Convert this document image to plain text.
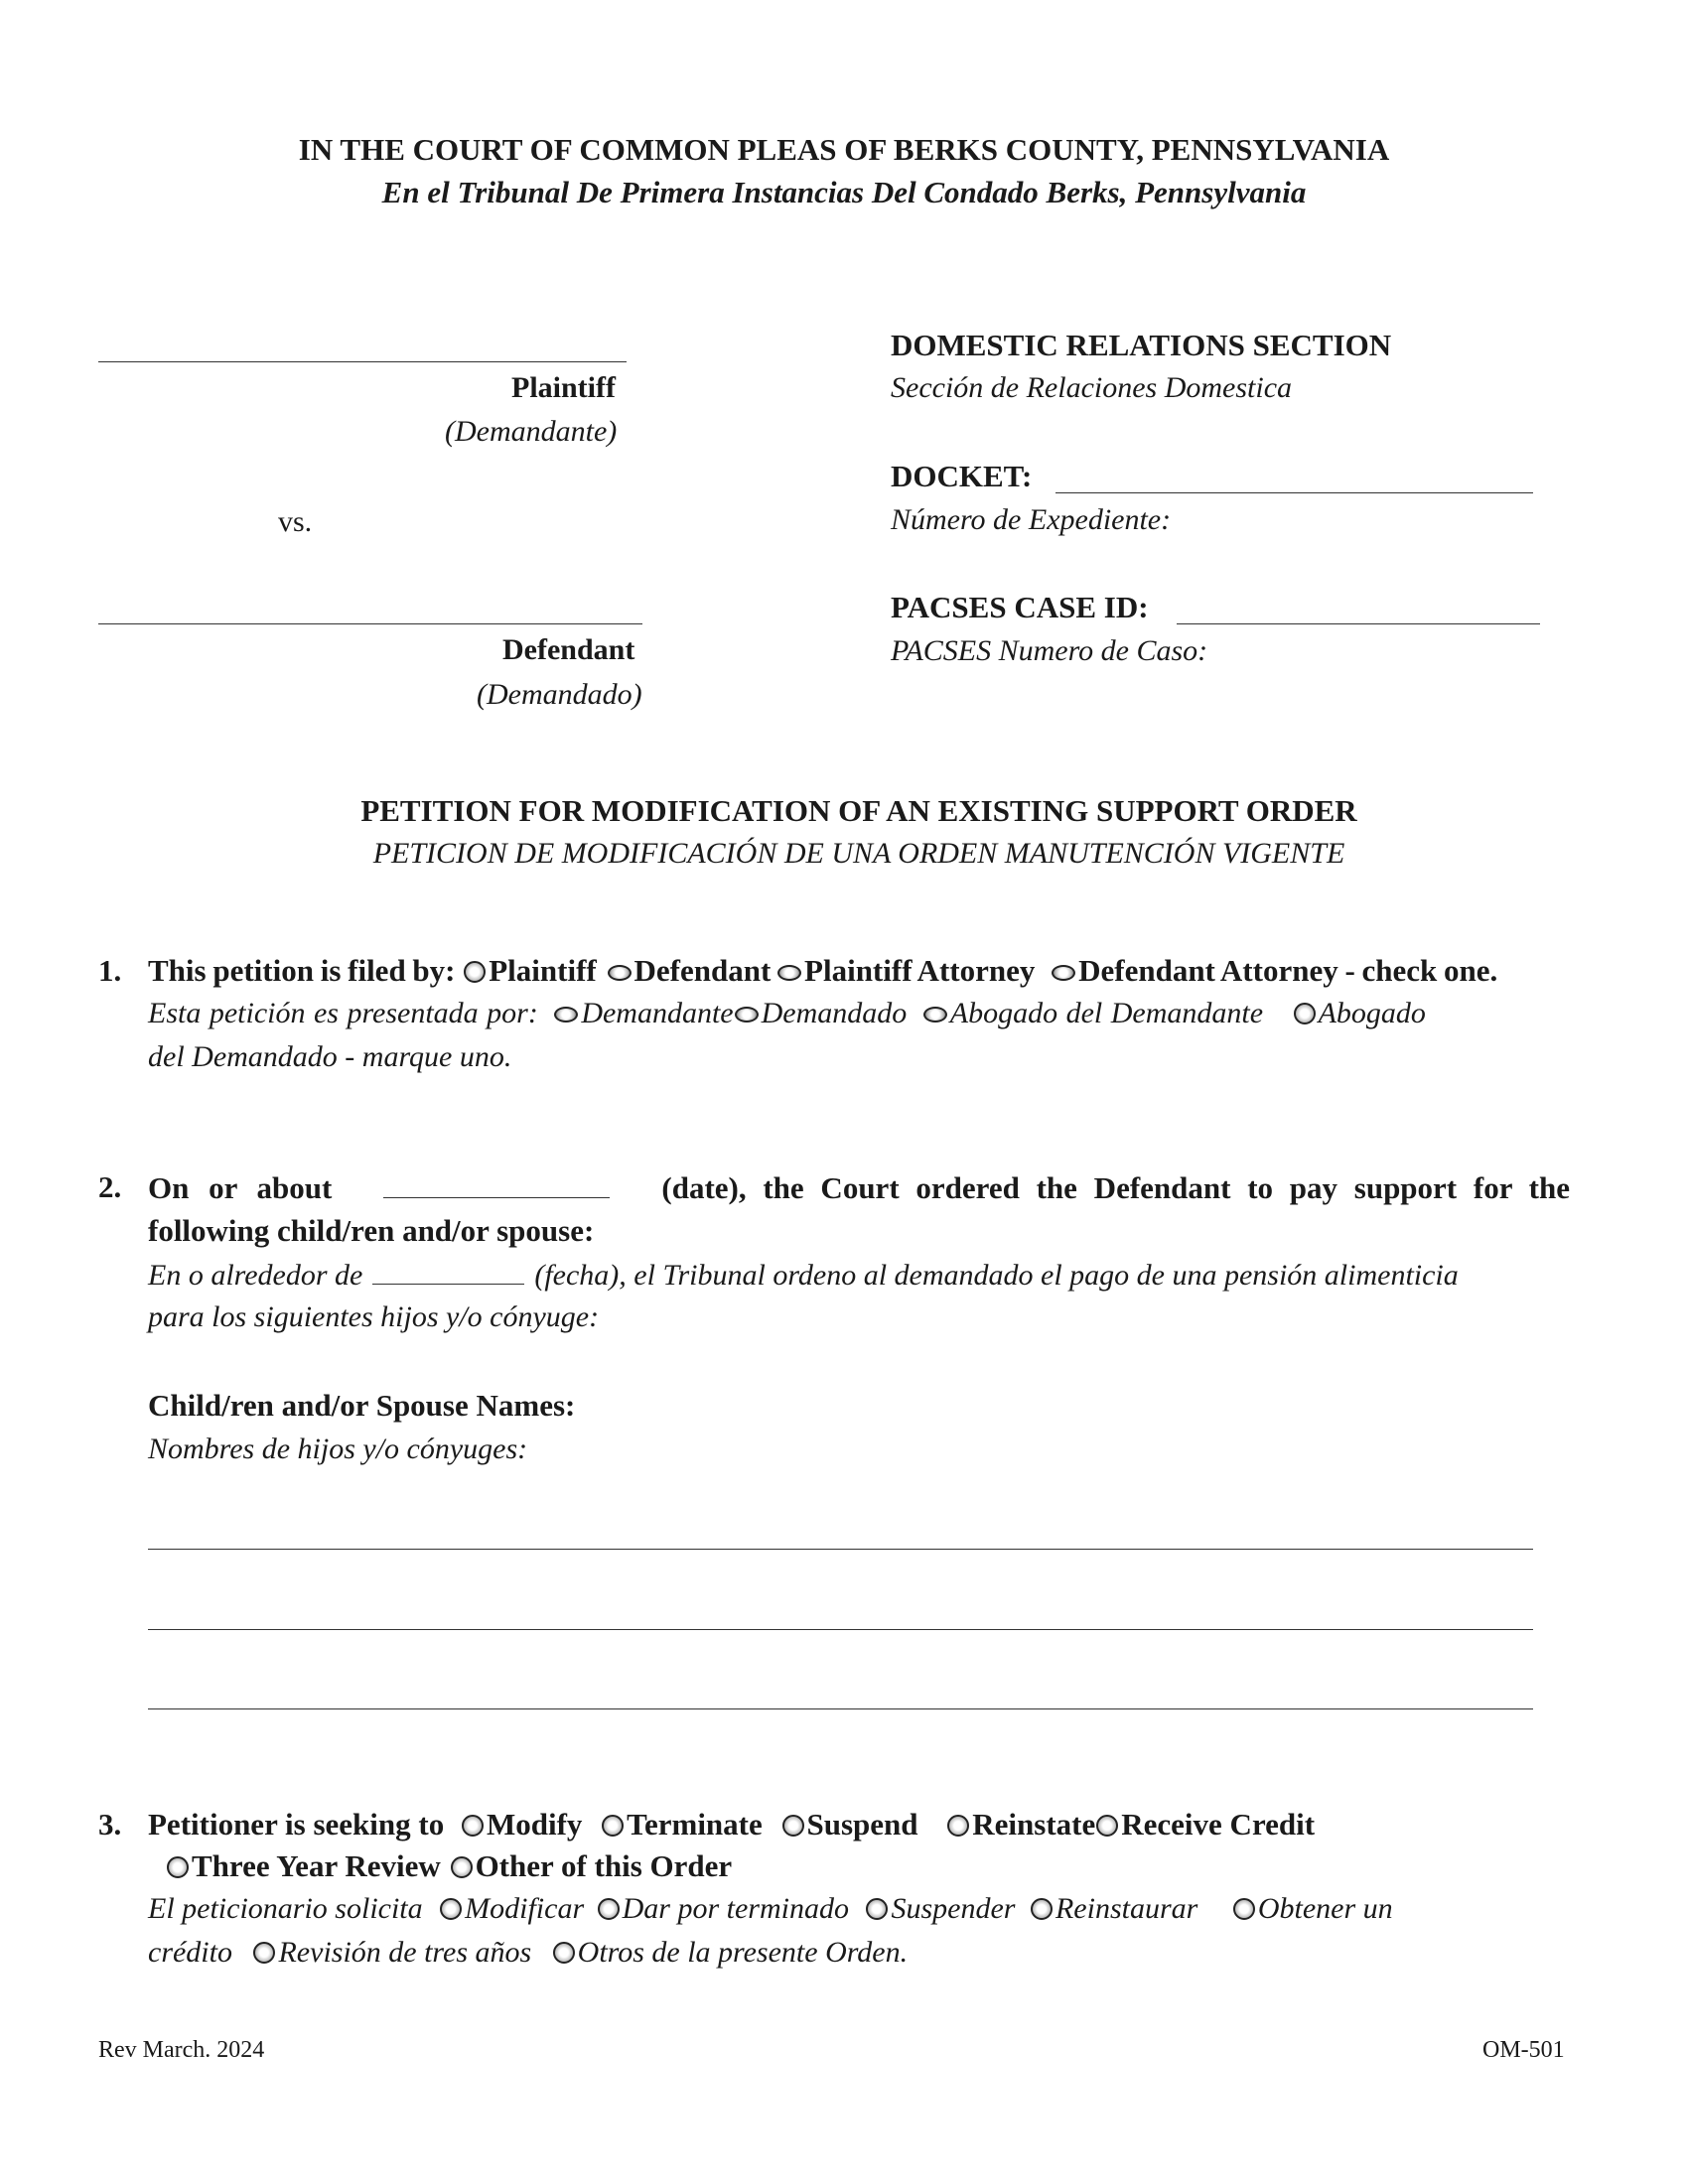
IN THE COURT OF COMMON PLEAS OF BERKS COUNTY, PENNSYLVANIA
En el Tribunal De Primera Instancias Del Condado Berks, Pennsylvania
Plaintiff
(Demandante)
vs.
Defendant
(Demandado)
DOMESTIC RELATIONS SECTION
Sección de Relaciones Domestica
DOCKET:
Número de Expediente:
PACSES CASE ID:
PACSES Numero de Caso:
PETITION FOR MODIFICATION OF AN EXISTING SUPPORT ORDER
PETICION DE MODIFICACIÓN DE UNA ORDEN MANUTENCIÓN VIGENTE
1. This petition is filed by: Plaintiff Defendant Plaintiff Attorney Defendant Attorney - check one.
Esta petición es presentada por: Demandante Demandado Abogado del Demandante Abogado
del Demandado - marque uno.
2. On or about	(date), the Court ordered the Defendant to pay support for the
following child/ren and/or spouse:
En o alrededor de	(fecha), el Tribunal ordeno al demandado el pago de una pensión alimenticia
para los siguientes hijos y/o cónyuge:
Child/ren and/or Spouse Names:
Nombres de hijos y/o cónyuges:
3. Petitioner is seeking to Modify Terminate Suspend Reinstate Receive Credit
Three Year Review Other of this Order
El peticionario solicita Modificar Dar por terminado Suspender Reinstaurar Obtener un
crédito Revisión de tres años Otros de la presente Orden.
Rev March. 2024	OM-501
